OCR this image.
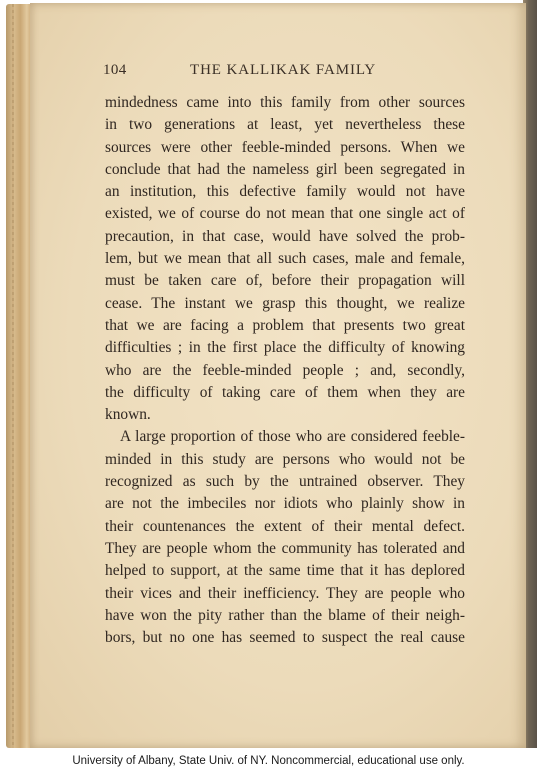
104	THE KALLIKAK FAMILY
mindedness came into this family from other sources
in two generations at least, yet nevertheless these
sources were other feeble-minded persons. When we
conclude that had the nameless girl been segregated in
an institution, this defective family would not have
existed, we of course do not mean that one single act of
precaution, in that case, would have solved the prob-
lem, but we mean that all such cases, male and female,
must be taken care of, before their propagation will
cease. The instant we grasp this thought, we realize
that we are facing a problem that presents two great
difficulties ; in the first place the difficulty of knowing
who are the feeble-minded people ; and, secondly,
the difficulty of taking care of them when they are
known.
A large proportion of those who are considered feeble-
minded in this study are persons who would not be
recognized as such by the untrained observer. They
are not the imbeciles nor idiots who plainly show in
their countenances the extent of their mental defect.
They are people whom the community has tolerated and
helped to support, at the same time that it has deplored
their vices and their inefficiency. They are people who
have won the pity rather than the blame of their neigh-
bors, but no one has seemed to suspect the real cause
University of Albany, State Univ. of NY. Noncommercial, educational use only.
